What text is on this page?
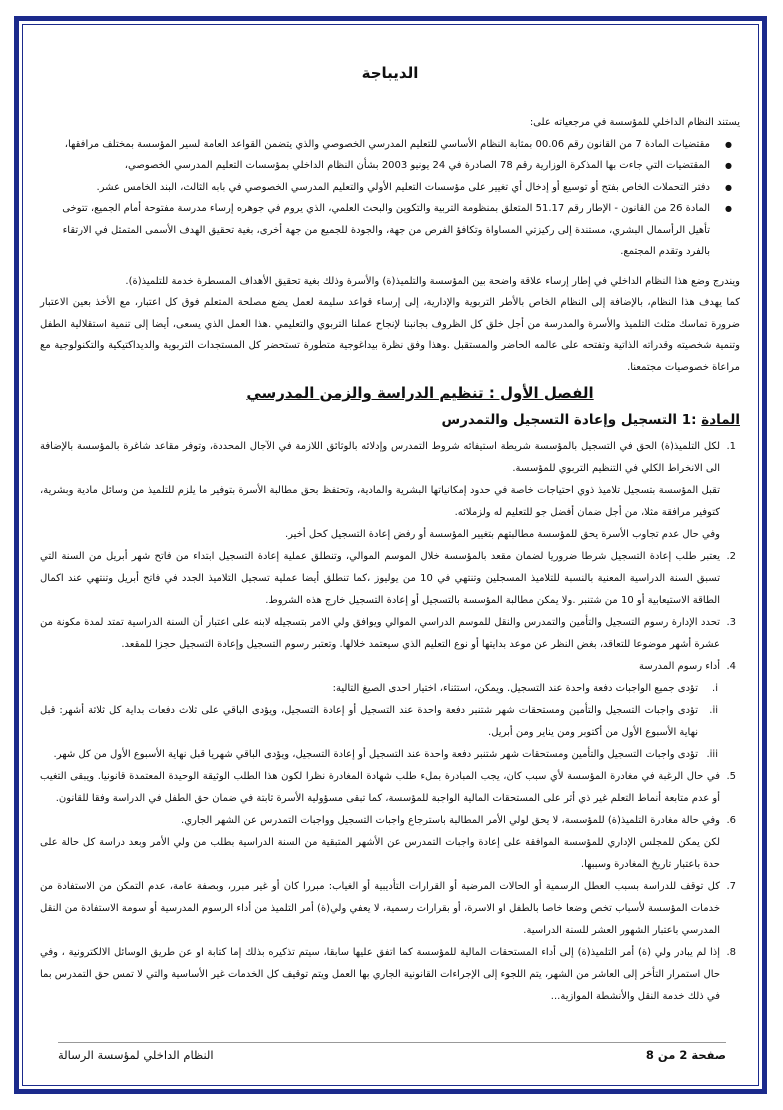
الديباجة

يستند النظام الداخلي للمؤسسة في مرجعياته على:

● مقتضيات المادة 7 من القانون رقم 00.06 بمثابة النظام الأساسي للتعليم المدرسي الخصوصي والذي يتضمن القواعد العامة لسير المؤسسة بمختلف مرافقها،
● المقتضيات التي جاءت بها المذكرة الوزارية رقم 78 الصادرة في 24 يونيو 2003 بشأن النظام الداخلي بمؤسسات التعليم المدرسي الخصوصي،
● دفتر التحملات الخاص بفتح أو توسيع أو إدخال أي تغيير على مؤسسات التعليم الأولي والتعليم المدرسي الخصوصي في بابه الثالث، البند الخامس عشر.
● المادة 26 من القانون - الإطار رقم 51.17 المتعلق بمنظومة التربية والتكوين والبحث العلمي، الذي يروم في جوهره إرساء مدرسة مفتوحة أمام الجميع، تتوخى تأهيل الرأسمال البشري، مستندة إلى ركيزتي المساواة وتكافؤ الفرص من جهة، والجودة للجميع من جهة أخرى، بغية تحقيق الهدف الأسمى المتمثل في الارتقاء بالفرد وتقدم المجتمع.

ويندرج وضع هذا النظام الداخلي في إطار إرساء علاقة واضحة بين المؤسسة والتلميذ(ة) والأسرة وذلك بغية تحقيق الأهداف المسطرة خدمة للتلميذ(ة).

كما يهدف هذا النظام، بالإضافة إلى النظام الخاص بالأطر التربوية والإدارية، إلى إرساء قواعد سليمة لعمل يضع مصلحة المتعلم فوق كل اعتبار، مع الأخذ بعين الاعتبار ضرورة تماسك مثلث التلميذ والأسرة والمدرسة من أجل خلق كل الظروف بجانبنا لإنجاح عملنا التربوي والتعليمي .هذا العمل الذي يسعى، أيضا إلى تنمية استقلالية الطفل وتنمية شخصيته وقدراته الذاتية وتفتحه على عالمه الحاضر والمستقبل .وهذا وفق نظرة بيداغوجية متطورة تستحضر كل المستجدات التربوية والديداكتيكية والتكنولوجية مع مراعاة خصوصيات مجتمعنا.

الفصل الأول : تنظيم الدراسة والزمن المدرسي
المادة :1 التسجيل وإعادة التسجيل والتمدرس
1.
لكل التلميذ(ة) الحق في التسجيل بالمؤسسة شريطة استيفائه شروط التمدرس وإدلائه بالوثائق اللازمة في الآجال المحددة، وتوفر مقاعد شاغرة بالمؤسسة بالإضافة الى الانخراط الكلي في التنظيم التربوي للمؤسسة.

تقبل المؤسسة بتسجيل تلاميذ ذوي احتياجات خاصة في حدود إمكانياتها البشرية والمادية، وتحتفظ بحق مطالبة الأسرة بتوفير ما يلزم للتلميذ من وسائل مادية وبشرية، كتوفير مرافقة مثلا، من أجل ضمان أفضل جو للتعليم له ولزملائه.

وفي حال عدم تجاوب الأسرة يحق للمؤسسة مطالبتهم بتغيير المؤسسة أو رفض إعادة التسجيل كحل أخير.

2.
يعتبر طلب إعادة التسجيل شرطا ضروريا لضمان مقعد بالمؤسسة خلال الموسم الموالي، وتنطلق عملية إعادة التسجيل ابتداء من فاتح شهر أبريل من السنة التي تسبق السنة الدراسية المعنية بالنسبة للتلاميذ المسجلين وتنتهي في 10 من يوليوز ،كما تنطلق أيضا عملية تسجيل التلاميذ الجدد في فاتح أبريل وتنتهي عند اكمال الطاقة الاستيعابية أو 10 من شتنبر .ولا يمكن مطالبة المؤسسة بالتسجيل أو إعادة التسجيل خارج هذه الشروط.
3.
تحدد الإدارة رسوم التسجيل والتأمين والتمدرس والنقل للموسم الدراسي الموالي ويوافق ولي الامر بتسجيله لابنه على اعتبار أن السنة الدراسية تمتد لمدة مكونة من عشرة أشهر موضوعا للتعاقد، بغض النظر عن موعد بدايتها أو نوع التعليم الذي سيعتمد خلالها. وتعتبر رسوم التسجيل وإعادة التسجيل حجزا للمقعد.
4.
أداء رسوم المدرسة
i.
تؤدى جميع الواجبات دفعة واحدة عند التسجيل. ويمكن، استثناء، اختيار احدى الصيغ التالية:
ii.
تؤدى واجبات التسجيل والتأمين ومستحقات شهر شتنبر دفعة واحدة عند التسجيل أو إعادة التسجيل، ويؤدى الباقي على ثلاث دفعات بداية كل ثلاثة أشهر: قبل نهاية الأسبوع الأول من أكتوبر ومن يناير ومن أبريل.
iii.
تؤدى واجبات التسجيل والتأمين ومستحقات شهر شتنبر دفعة واحدة عند التسجيل أو إعادة التسجيل، ويؤدى الباقي شهريا قبل نهاية الأسبوع الأول من كل شهر.
5.
في حال الرغبة في مغادرة المؤسسة لأي سبب كان، يجب المبادرة بملء طلب شهادة المغادرة نظرا لكون هذا الطلب الوثيقة الوحيدة المعتمدة قانونيا. ويبقى التغيب أو عدم متابعة أنماط التعلم غير ذي أثر على المستحقات المالية الواجبة للمؤسسة، كما تبقى مسؤولية الأسرة ثابتة في ضمان حق الطفل في الدراسة وفقا للقانون.
6.
وفي حالة مغادرة التلميذ(ة) للمؤسسة، لا يحق لولي الأمر المطالبة باسترجاع واجبات التسجيل وواجبات التمدرس عن الشهر الجاري.

لكن يمكن للمجلس الإداري للمؤسسة الموافقة على إعادة واجبات التمدرس عن الأشهر المتبقية من السنة الدراسية بطلب من ولي الأمر وبعد دراسة كل حالة على حدة باعتبار تاريخ المغادرة وسببها.

7.
كل توقف للدراسة بسبب العطل الرسمية أو الحالات المرضية أو القرارات التأديبية أو الغياب: مبررا كان أو غير مبرر، وبصفة عامة، عدم التمكن من الاستفادة من خدمات المؤسسة لأسباب تخص وضعا خاصا بالطفل او الاسرة، أو بقرارات رسمية، لا يعفي ولي(ة) أمر التلميذ من أداء الرسوم المدرسية أو سومة الاستفادة من النقل المدرسي باعتبار الشهور العشر للسنة الدراسية.
8.
إذا لم يبادر ولي (ة) أمر التلميذ(ة) إلى أداء المستحقات المالية للمؤسسة كما اتفق عليها سابقا، سيتم تذكيره بذلك إما كتابة او عن طريق الوسائل الالكترونية ، وفي حال استمرار التأخر إلى العاشر من الشهر، يتم اللجوء إلى الإجراءات القانونية الجاري بها العمل ويتم توقيف كل الخدمات غير الأساسية والتي لا تمس حق التمدرس بما في ذلك خدمة النقل والأنشطة الموازية...
صفحة 2 من 8
النظام الداخلي لمؤسسة الرسالة
